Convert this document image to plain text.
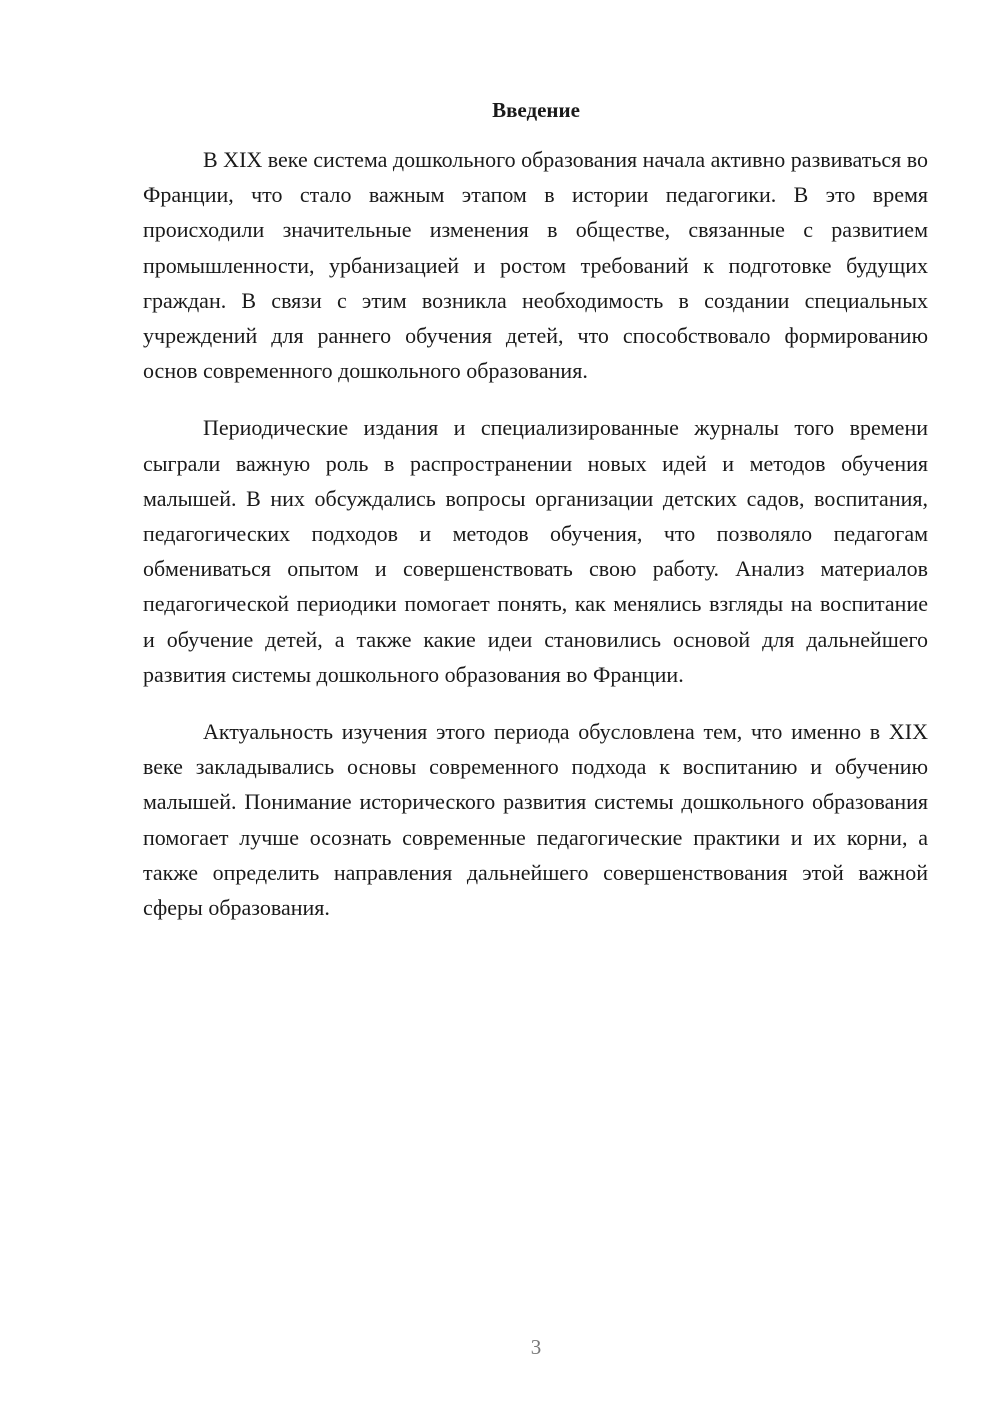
Введение

В XIX веке система дошкольного образования начала активно развиваться во Франции, что стало важным этапом в истории педагогики. В это время происходили значительные изменения в обществе, связанные с развитием промышленности, урбанизацией и ростом требований к подготовке будущих граждан. В связи с этим возникла необходимость в создании специальных учреждений для раннего обучения детей, что способствовало формированию основ современного дошкольного образования.

Периодические издания и специализированные журналы того времени сыграли важную роль в распространении новых идей и методов обучения малышей. В них обсуждались вопросы организации детских садов, воспитания, педагогических подходов и методов обучения, что позволяло педагогам обмениваться опытом и совершенствовать свою работу. Анализ материалов педагогической периодики помогает понять, как менялись взгляды на воспитание и обучение детей, а также какие идеи становились основой для дальнейшего развития системы дошкольного образования во Франции.

Актуальность изучения этого периода обусловлена тем, что именно в XIX веке закладывались основы современного подхода к воспитанию и обучению малышей. Понимание исторического развития системы дошкольного образования помогает лучше осознать современные педагогические практики и их корни, а также определить направления дальнейшего совершенствования этой важной сферы образования.

3
